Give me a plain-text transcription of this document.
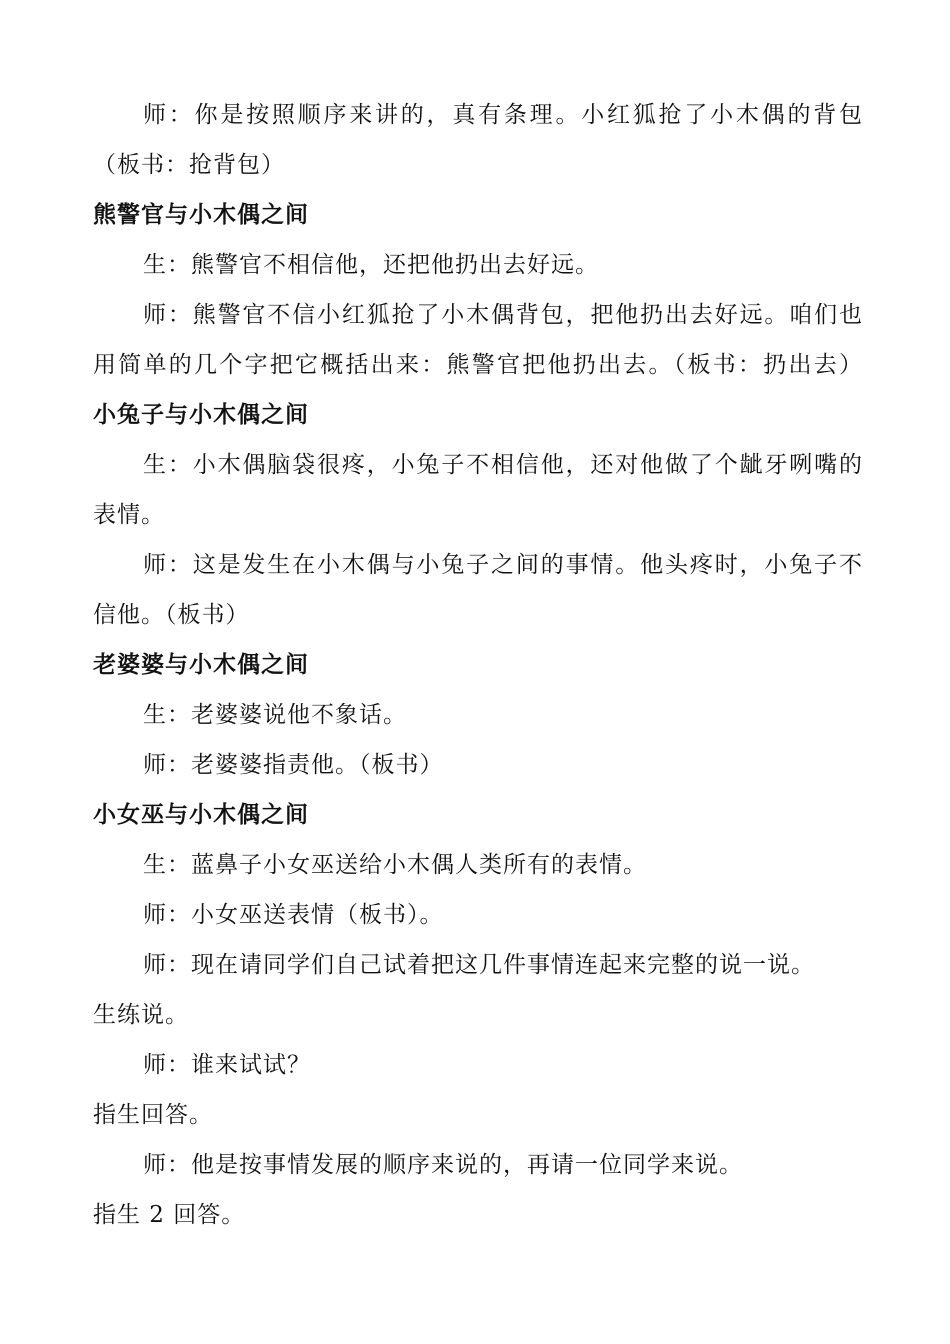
师：你是按照顺序来讲的，真有条理。小红狐抢了小木偶的背包
（板书：抢背包）
熊警官与小木偶之间
生：熊警官不相信他，还把他扔出去好远。
师：熊警官不信小红狐抢了小木偶背包，把他扔出去好远。咱们也
用简单的几个字把它概括出来：熊警官把他扔出去。（板书：扔出去）
小兔子与小木偶之间
生：小木偶脑袋很疼，小兔子不相信他，还对他做了个龇牙咧嘴的
表情。
师：这是发生在小木偶与小兔子之间的事情。他头疼时，小兔子不
信他。（板书）
老婆婆与小木偶之间
生：老婆婆说他不象话。
师：老婆婆指责他。（板书）
小女巫与小木偶之间
生：蓝鼻子小女巫送给小木偶人类所有的表情。
师：小女巫送表情（板书）。
师：现在请同学们自己试着把这几件事情连起来完整的说一说。
生练说。
师：谁来试试？
指生回答。
师：他是按事情发展的顺序来说的，再请一位同学来说。
指生 2 回答。
